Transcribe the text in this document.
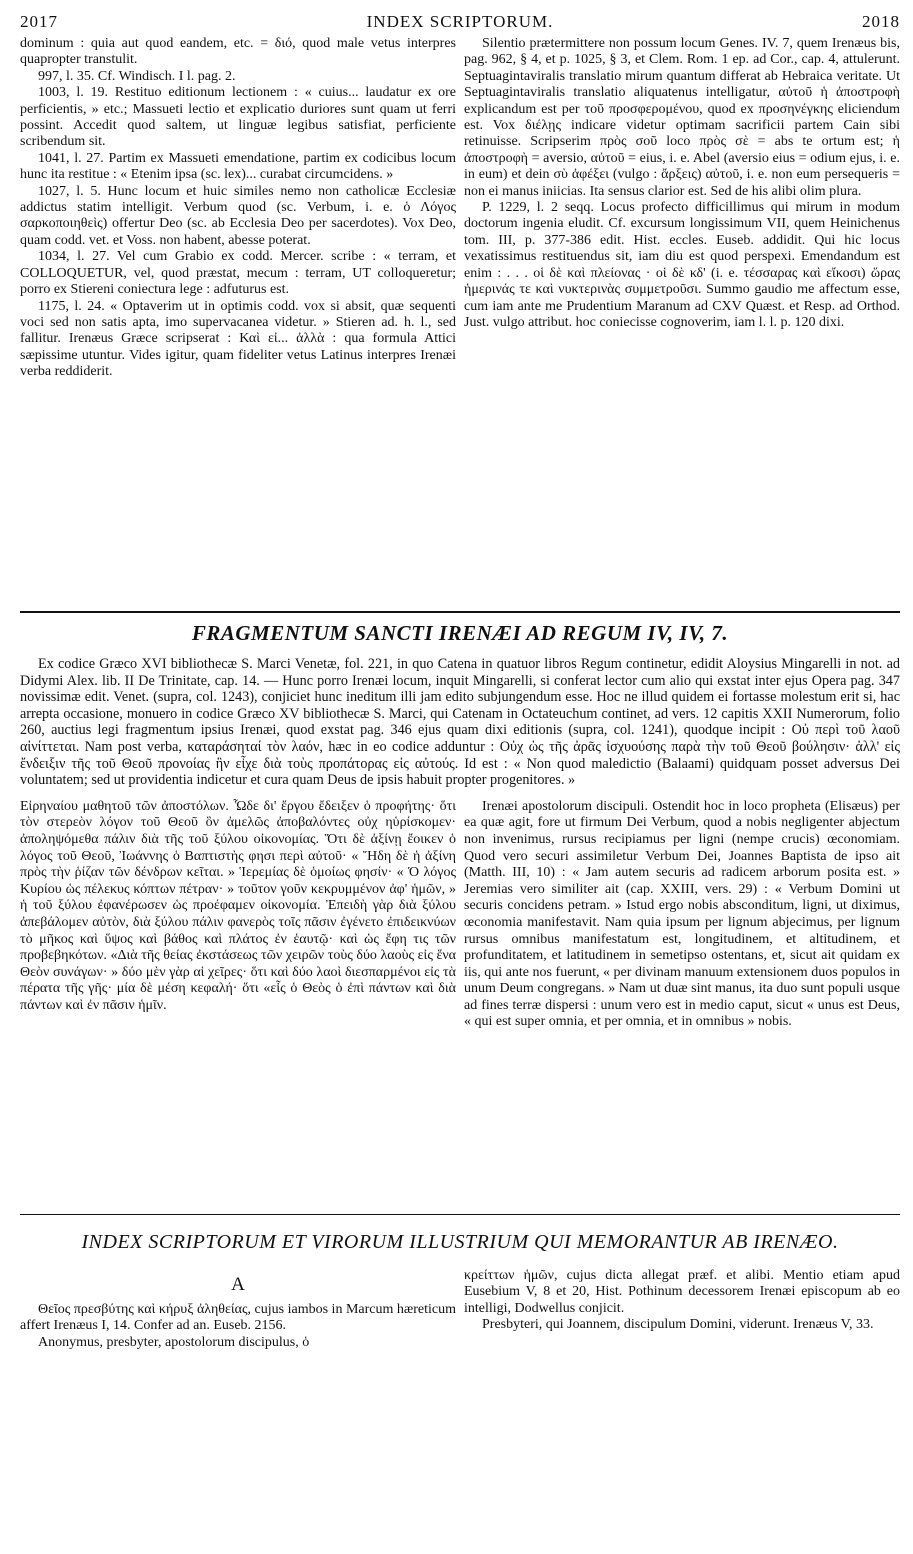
2017	INDEX SCRIPTORUM.	2018

dominum : quia aut quod eandem, etc. = διό, quod male vetus interpres quapropter transtulit.

997, l. 35. Cf. Windisch. I l. pag. 2.

1003, l. 19. Restituo editionum lectionem : « cuius... laudatur ex ore perficientis, » etc.; Massueti lectio et explicatio duriores sunt quam ut ferri possint. Accedit quod saltem, ut linguæ legibus satisfiat, perficiente scribendum sit.

1041, l. 27. Partim ex Massueti emendatione, partim ex codicibus locum hunc ita restitue : « Etenim ipsa (sc. lex)... curabat circumcidens. »

1027, l. 5. Hunc locum et huic similes nemo non catholicæ Ecclesiæ addictus statim intelligit. Verbum quod (sc. Verbum, i. e. ὁ Λόγος σαρκοποιηθεὶς) offertur Deo (sc. ab Ecclesia Deo per sacerdotes). Vox Deo, quam codd. vet. et Voss. non habent, abesse poterat.

1034, l. 27. Vel cum Grabio ex codd. Mercer. scribe : « terram, et COLLOQUETUR, vel, quod præstat, mecum : terram, UT colloqueretur; porro ex Stiereni coniectura lege : adfuturus est.

1175, l. 24. « Optaverim ut in optimis codd. vox si absit, quæ sequenti voci sed non satis apta, imo supervacanea videtur. » Stieren ad. h. l., sed fallitur. Irenæus Græce scripserat : Καὶ εἰ... ἀλλὰ : qua formula Attici sæpissime utuntur. Vides igitur, quam fideliter vetus Latinus interpres Irenæi verba reddiderit.

Silentio prætermittere non possum locum Genes. IV. 7, quem Irenæus bis, pag. 962, § 4, et p. 1025, § 3, et Clem. Rom. 1 ep. ad Cor., cap. 4, attulerunt. Septuagintaviralis translatio mirum quantum differat ab Hebraica veritate. Ut Septuagintaviralis translatio aliquatenus intelligatur, αὐτοῦ ἡ ἀποστροφὴ explicandum est per τοῦ προσφερομένου, quod ex προσηνέγκης eliciendum est. Vox διέλῃς indicare videtur optimam sacrificii partem Cain sibi retinuisse. Scripserim πρὸς σοῦ loco πρὸς σὲ = abs te ortum est; ἡ ἀποστροφὴ = aversio, αὐτοῦ = eius, i. e. Abel (aversio eius = odium ejus, i. e. in eum) et dein σὺ ἀφέξει (vulgo : ἄρξεις) αὐτοῦ, i. e. non eum persequeris = non ei manus iniicias. Ita sensus clarior est. Sed de his alibi olim plura.

P. 1229, l. 2 seqq. Locus profecto difficillimus qui mirum in modum doctorum ingenia eludit. Cf. excursum longissimum VII, quem Heinichenus tom. III, p. 377-386 edit. Hist. eccles. Euseb. addidit. Qui hic locus vexatissimus restituendus sit, iam diu est quod perspexi. Emendandum est enim : . . . οἱ δὲ καὶ πλείονας · οἱ δὲ κδ' (i. e. τέσσαρας καὶ εἴκοσι) ὥρας ἡμερινάς τε καὶ νυκτερινὰς συμμετροῦσι. Summo gaudio me affectum esse, cum iam ante me Prudentium Maranum ad CXV Quæst. et Resp. ad Orthod. Just. vulgo attribut. hoc coniecisse cognoverim, iam l. l. p. 120 dixi.

FRAGMENTUM SANCTI IRENÆI AD REGUM IV, IV, 7.

Ex codice Græco XVI bibliothecæ S. Marci Venetæ, fol. 221, in quo Catena in quatuor libros Regum continetur, edidit Aloysius Mingarelli in not. ad Didymi Alex. lib. II De Trinitate, cap. 14. — Hunc porro Irenæi locum, inquit Mingarelli, si conferat lector cum alio qui exstat inter ejus Opera pag. 347 novissimæ edit. Venet. (supra, col. 1243), conjiciet hunc ineditum illi jam edito subjungendum esse. Hoc ne illud quidem ei fortasse molestum erit si, hac arrepta occasione, monuero in codice Græco XV bibliothecæ S. Marci, qui Catenam in Octateuchum continet, ad vers. 12 capitis XXII Numerorum, folio 260, auctius legi fragmentum ipsius Irenæi, quod exstat pag. 346 ejus quam dixi editionis (supra, col. 1241), quodque incipit : Οὐ περὶ τοῦ λαοῦ αἰνίττεται. Nam post verba, καταράσηταί τὸν λαόν, hæc in eo codice adduntur : Οὐχ ὡς τῆς ἀρᾶς ἰσχυούσης παρὰ τὴν τοῦ Θεοῦ βούλησιν· ἀλλ' εἰς ἔνδειξιν τῆς τοῦ Θεοῦ προνοίας ἣν εἶχε διὰ τοὺς προπάτορας εἰς αὐτούς. Id est : « Non quod maledictio (Balaami) quidquam posset adversus Dei voluntatem; sed ut providentia indicetur et cura quam Deus de ipsis habuit propter progenitores. »

Εἰρηναίου μαθητοῦ τῶν ἀποστόλων. Ὧδε δι' ἔργου ἔδειξεν ὁ προφήτης· ὅτι τὸν στερεὸν λόγον τοῦ Θεοῦ ὃν ἀμελῶς ἀποβαλόντες οὐχ ηὑρίσκομεν· ἀποληψόμεθα πάλιν διὰ τῆς τοῦ ξύλου οἰκονομίας. Ὅτι δὲ ἀξίνῃ ἔοικεν ὁ λόγος τοῦ Θεοῦ, Ἰωάννης ὁ Βαπτιστὴς φησι περὶ αὐτοῦ· « Ἤδη δὲ ἡ ἀξίνη πρὸς τὴν ῥίζαν τῶν δένδρων κεῖται. » Ἱερεμίας δὲ ὁμοίως φησίν· « Ὁ λόγος Κυρίου ὡς πέλεκυς κόπτων πέτραν· » τοῦτον γοῦν κεκρυμμένον ἀφ' ἡμῶν, » ἡ τοῦ ξύλου ἐφανέρωσεν ὡς προέφαμεν οἰκονομία. Ἐπειδὴ γὰρ διὰ ξύλου ἀπεβάλομεν αὐτὸν, διὰ ξύλου πάλιν φανερὸς τοῖς πᾶσιν ἐγένετο ἐπιδεικνύων τὸ μῆκος καὶ ὕψος καὶ βάθος καὶ πλάτος ἐν ἑαυτῷ· καὶ ὡς ἔφη τις τῶν προβεβηκότων. «Διὰ τῆς θείας ἐκστάσεως τῶν χειρῶν τοὺς δύο λαοὺς εἰς ἕνα Θεὸν συνάγων· » δύο μὲν γὰρ αἱ χεῖρες· ὅτι καὶ δύο λαοὶ διεσπαρμένοι εἰς τὰ πέρατα τῆς γῆς· μία δὲ μέση κεφαλή· ὅτι «εἷς ὁ Θεὸς ὁ ἐπὶ πάντων καὶ διὰ πάντων καὶ ἐν πᾶσιν ἡμῖν.

Irenæi apostolorum discipuli. Ostendit hoc in loco propheta (Elisæus) per ea quæ agit, fore ut firmum Dei Verbum, quod a nobis negligenter abjectum non invenimus, rursus recipiamus per ligni (nempe crucis) œconomiam. Quod vero securi assimiletur Verbum Dei, Joannes Baptista de ipso ait (Matth. III, 10) : « Jam autem securis ad radicem arborum posita est. » Jeremias vero similiter ait (cap. XXIII, vers. 29) : « Verbum Domini ut securis concidens petram. » Istud ergo nobis absconditum, ligni, ut diximus, œconomia manifestavit. Nam quia ipsum per lignum abjecimus, per lignum rursus omnibus manifestatum est, longitudinem, et altitudinem, et profunditatem, et latitudinem in semetipso ostentans, et, sicut ait quidam ex iis, qui ante nos fuerunt, « per divinam manuum extensionem duos populos in unum Deum congregans. » Nam ut duæ sint manus, ita duo sunt populi usque ad fines terræ dispersi : unum vero est in medio caput, sicut « unus est Deus, « qui est super omnia, et per omnia, et in omnibus » nobis.

INDEX SCRIPTORUM ET VIRORUM ILLUSTRIUM QUI MEMORANTUR AB IRENÆO.
A

Θεῖος πρεσβύτης καὶ κήρυξ ἀληθείας, cujus iambos in Marcum hæreticum affert Irenæus I, 14. Confer ad an. Euseb. 2156.

Anonymus, presbyter, apostolorum discipulus, ὁ

κρείττων ἡμῶν, cujus dicta allegat præf. et alibi. Mentio etiam apud Eusebium V, 8 et 20, Hist. Pothinum decessorem Irenæi episcopum ab eo intelligi, Dodwellus conjicit.

Presbyteri, qui Joannem, discipulum Domini, viderunt. Irenæus V, 33.
